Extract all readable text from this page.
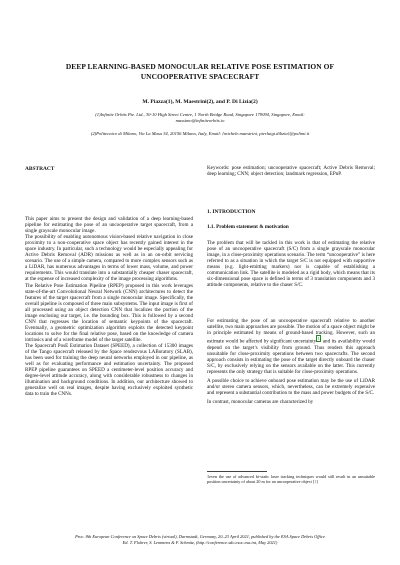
DEEP LEARNING-BASED MONOCULAR RELATIVE POSE ESTIMATION OF
UNCOOPERATIVE SPACECRAFT
M. Piazza(1), M. Maestrini(2), and P. Di Lizia(2)
(1)Infinite Orbits Pte. Ltd., 30-10 High Street Centre, 1 North Bridge Road, Singapore 179094, Singapore, Email:
massimo@infiniteorbits.io
(2)Politecnico di Milano, Via La Masa 34, 20156 Milano, Italy, Email: {michele.maestrini, pierluigi.dilizia}@polimi.it
ABSTRACT

This paper aims to present the design and validation of a deep learning-based pipeline for estimating the pose of an uncooperative target spacecraft, from a single grayscale monocular image.

The possibility of enabling autonomous vision-based relative navigation in close proximity to a non-cooperative space object has recently gained interest in the space industry. In particular, such a technology would be especially appealing for Active Debris Removal (ADR) missions as well as in an on-orbit servicing scenario. The use of a simple camera, compared to more complex sensors such as a LiDAR, has numerous advantages in terms of lower mass, volume, and power requirements. This would translate into a substantially cheaper chaser spacecraft, at the expense of increased complexity of the image processing algorithms.

The Relative Pose Estimation Pipeline (RPEP) proposed in this work leverages state-of-the-art Convolutional Neural Network (CNN) architectures to detect the features of the target spacecraft from a single monocular image. Specifically, the overall pipeline is composed of three main subsystems. The input image is first of all processed using an object detection CNN that localizes the portion of the image enclosing our target, i.e. the bounding box. This is followed by a second CNN that regresses the location of semantic keypoints of the spacecraft. Eventually, a geometric optimization algorithm exploits the detected keypoint locations to solve for the final relative pose, based on the knowledge of camera intrinsics and of a wireframe model of the target satellite.

The Spacecraft PosE Estimation Dataset (SPEED), a collection of 15300 images of the Tango spacecraft released by the Space rendezvous LABoratory (SLAB), has been used for training the deep neural networks employed in our pipeline, as well as for evaluating performance and estimation uncertainty. The proposed RPEP pipeline guarantees on SPEED a centimeter-level position accuracy and degree-level attitude accuracy, along with considerable robustness to changes in illumination and background conditions. In addition, our architecture showed to generalize well on real images, despite having exclusively exploited synthetic data to train the CNNs.

Keywords: pose estimation; uncooperative spacecraft; Active Debris Removal; deep learning; CNN; object detection; landmark regression, EPnP.
1. INTRODUCTION
1.1. Problem statement & motivation
The problem that will be tackled in this work is that of estimating the relative pose of an uncooperative spacecraft (S/C) from a single grayscale monocular image, in a close-proximity operations scenario. The term “uncooperative” is here referred to as a situation in which the target S/C is not equipped with supportive means (e.g. light-emitting markers) nor is capable of establishing a communication link. The satellite is modeled as a rigid body, which means that its six-dimensional pose space is defined in terms of 3 translation components and 3 attitude components, relative to the chaser S/C.

For estimating the pose of an uncooperative spacecraft relative to another satellite, two main approaches are possible. The motion of a space object might be in principle estimated by means of ground-based tracking. However, such an estimate would be affected by significant uncertainty$^1$ and its availability would depend on the target’s visibility from ground. Thus renders this approach unsuitable for close-proximity operations between two spacecrafts. The second approach consists in estimating the pose of the target directly onboard the chaser S/C, by exclusively relying on the sensors available on the latter. This currently represents the only strategy that is suitable for close-proximity operations.

A possible choice to achieve onboard pose estimation may be the use of LiDAR and/or stereo camera sensors, which, nevertheless, can be extremely expensive and represent a substantial contribution to the mass and power budgets of the S/C.

In contrast, monocular cameras are characterized by

1even the use of advanced bi-static laser tracking techniques would still result in an unsuitable position uncertainty of about 20 m for an uncooperative object [1]
Proc. 8th European Conference on Space Debris (virtual), Darmstadt, Germany, 20–23 April 2021, published by the ESA Space Debris Office
Ed. T. Flohrer, S. Lemmens & F. Schmitz, (http://conference.sdo.esoc.esa.int, May 2021)
